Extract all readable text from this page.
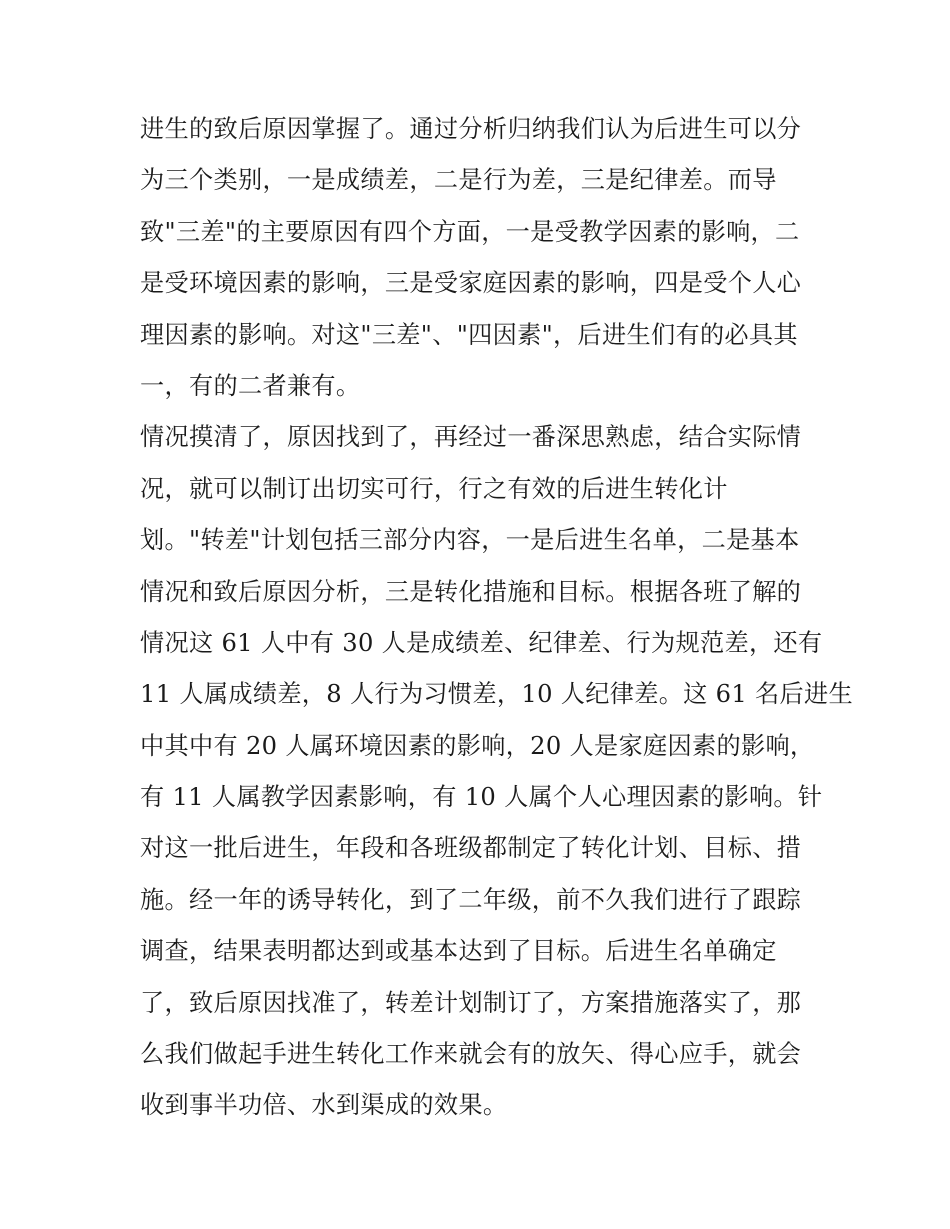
进生的致后原因掌握了。通过分析归纳我们认为后进生可以分
为三个类别，一是成绩差，二是行为差，三是纪律差。而导
致"三差"的主要原因有四个方面，一是受教学因素的影响，二
是受环境因素的影响，三是受家庭因素的影响，四是受个人心
理因素的影响。对这"三差"、"四因素"，后进生们有的必具其
一，有的二者兼有。
情况摸清了，原因找到了，再经过一番深思熟虑，结合实际情
况，就可以制订出切实可行，行之有效的后进生转化计
划。"转差"计划包括三部分内容，一是后进生名单，二是基本
情况和致后原因分析，三是转化措施和目标。根据各班了解的
情况这 61 人中有 30 人是成绩差、纪律差、行为规范差，还有
11 人属成绩差，8 人行为习惯差，10 人纪律差。这 61 名后进生
中其中有 20 人属环境因素的影响，20 人是家庭因素的影响，
有 11 人属教学因素影响，有 10 人属个人心理因素的影响。针
对这一批后进生，年段和各班级都制定了转化计划、目标、措
施。经一年的诱导转化，到了二年级，前不久我们进行了跟踪
调查，结果表明都达到或基本达到了目标。后进生名单确定
了，致后原因找准了，转差计划制订了，方案措施落实了，那
么我们做起手进生转化工作来就会有的放矢、得心应手，就会
收到事半功倍、水到渠成的效果。
